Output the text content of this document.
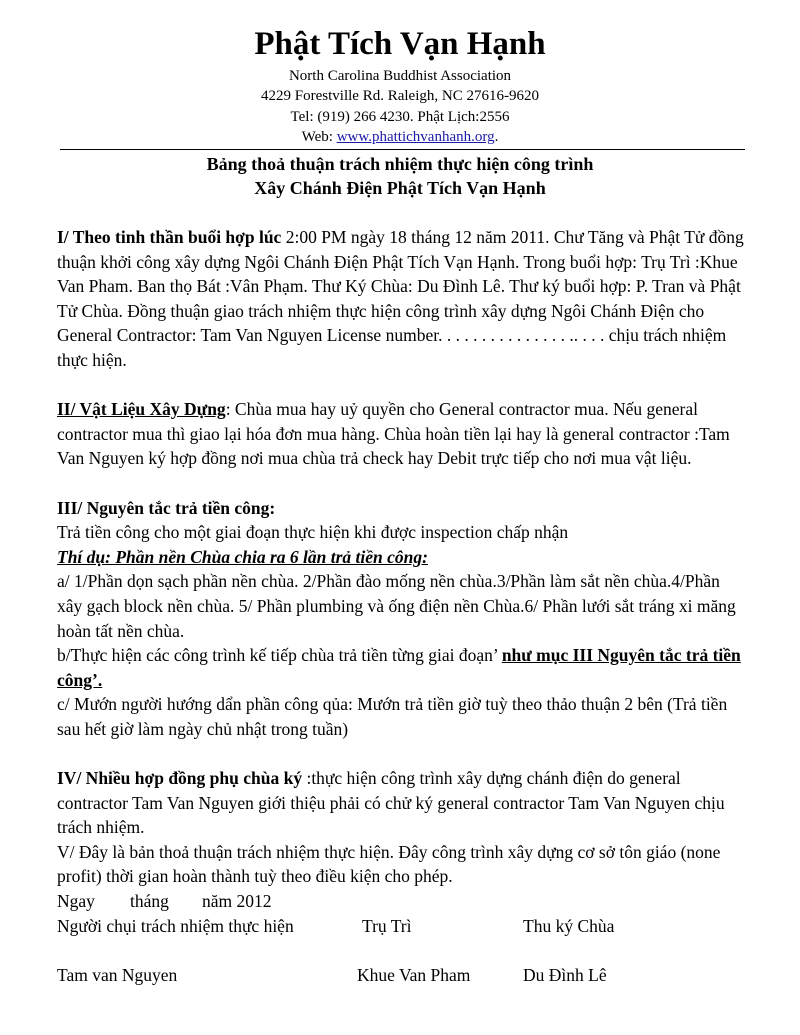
Phật Tích Vạn Hạnh
North Carolina Buddhist Association
4229 Forestville Rd. Raleigh, NC 27616-9620
Tel: (919) 266 4230. Phật Lịch:2556
Web: www.phattichvanhanh.org.
Bảng thoả thuận trách nhiệm thực hiện công trình
Xây Chánh Điện Phật Tích Vạn Hạnh

I/ Theo tinh thần buổi hợp lúc 2:00 PM ngày 18 tháng 12 năm 2011. Chư Tăng và Phật Tử đồng thuận khởi công xây dựng Ngôi Chánh Điện Phật Tích Vạn Hạnh. Trong buổi hợp: Trụ Trì :Khue Van Pham. Ban thọ Bát :Vân Phạm. Thư Ký Chùa: Du Đình Lê. Thư ký buổi hợp: P. Tran và Phật Tử Chùa. Đồng thuận giao trách nhiệm thực hiện công trình xây dựng Ngôi Chánh Điện cho General Contractor: Tam Van Nguyen License number. . . . . . . . . . . . . . . .. . . . chịu trách nhiệm thực hiện.

II/ Vật Liệu Xây Dựng: Chùa mua hay uỷ quyền cho General contractor mua. Nếu general contractor mua thì giao lại hóa đơn mua hàng. Chùa hoàn tiền lại hay là general contractor :Tam Van Nguyen ký hợp đồng nơi mua chùa trả check hay Debit trực tiếp cho nơi mua vật liệu.

III/ Nguyên tắc trả tiền công:

Trả tiền công cho một giai đoạn thực hiện khi được inspection chấp nhận

Thí dụ: Phần nền Chùa chia ra 6 lần trả tiền công:

a/ 1/Phần dọn sạch phần nền chùa. 2/Phần đào mống nền chùa.3/Phần làm sắt nền chùa.4/Phần xây gạch block nền chùa. 5/ Phần plumbing và ống điện nền Chùa.6/ Phần lưới sắt tráng xi măng hoàn tất nền chùa.

b/Thực hiện các công trình kế tiếp chùa trả tiền từng giai đoạn’ như mục III Nguyên tắc trả tiền công’.

c/ Mướn người hướng dẩn phần công qủa: Mướn trả tiền giờ tuỳ theo thảo thuận 2 bên (Trả tiền sau hết giờ làm ngày chủ nhật trong tuần)

IV/ Nhiều hợp đồng phụ chùa ký :thực hiện công trình xây dựng chánh điện do general contractor Tam Van Nguyen giới thiệu phải có chử ký general contractor Tam Van Nguyen chịu trách nhiệm.

V/ Đây là bản thoả thuận trách nhiệm thực hiện. Đây công trình xây dựng cơ sở tôn giáo (none profit) thời gian hoàn thành tuỳ theo điều kiện cho phép.

Ngay tháng năm 2012
Người chụi trách nhiệm thực hiện	Trụ Trì	Thu ký Chùa
Tam van Nguyen	Khue Van Pham	Du Đình Lê
